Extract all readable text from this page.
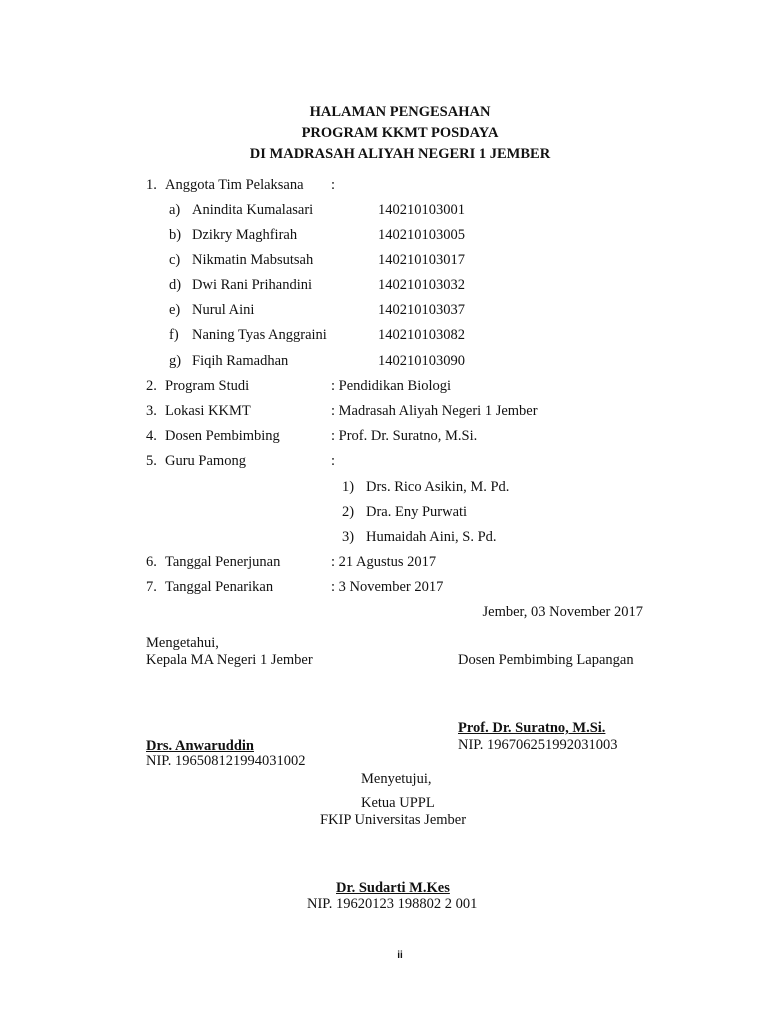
HALAMAN PENGESAHAN
PROGRAM KKMT POSDAYA
DI MADRASAH ALIYAH NEGERI 1 JEMBER
1. Anggota Tim Pelaksana :
a) Anindita Kumalasari	140210103001
b) Dzikry Maghfirah	140210103005
c) Nikmatin Mabsutsah	140210103017
d) Dwi Rani Prihandini	140210103032
e) Nurul Aini	140210103037
f) Naning Tyas Anggraini	140210103082
g) Fiqih Ramadhan	140210103090
2. Program Studi	: Pendidikan Biologi
3. Lokasi KKMT	: Madrasah Aliyah Negeri 1 Jember
4. Dosen Pembimbing	: Prof. Dr. Suratno, M.Si.
5. Guru Pamong	:
1) Drs. Rico Asikin, M. Pd.
2) Dra. Eny Purwati
3) Humaidah Aini, S. Pd.
6. Tanggal Penerjunan	: 21 Agustus 2017
7. Tanggal Penarikan	: 3 November 2017
Jember, 03 November 2017
Mengetahui,
Kepala MA Negeri 1 Jember
Drs. Anwaruddin
NIP. 196508121994031002
Dosen Pembimbing Lapangan
Prof. Dr. Suratno, M.Si.
NIP. 196706251992031003
Menyetujui,
Ketua UPPL
FKIP Universitas Jember
Dr. Sudarti M.Kes
NIP. 19620123 198802 2 001
ii
